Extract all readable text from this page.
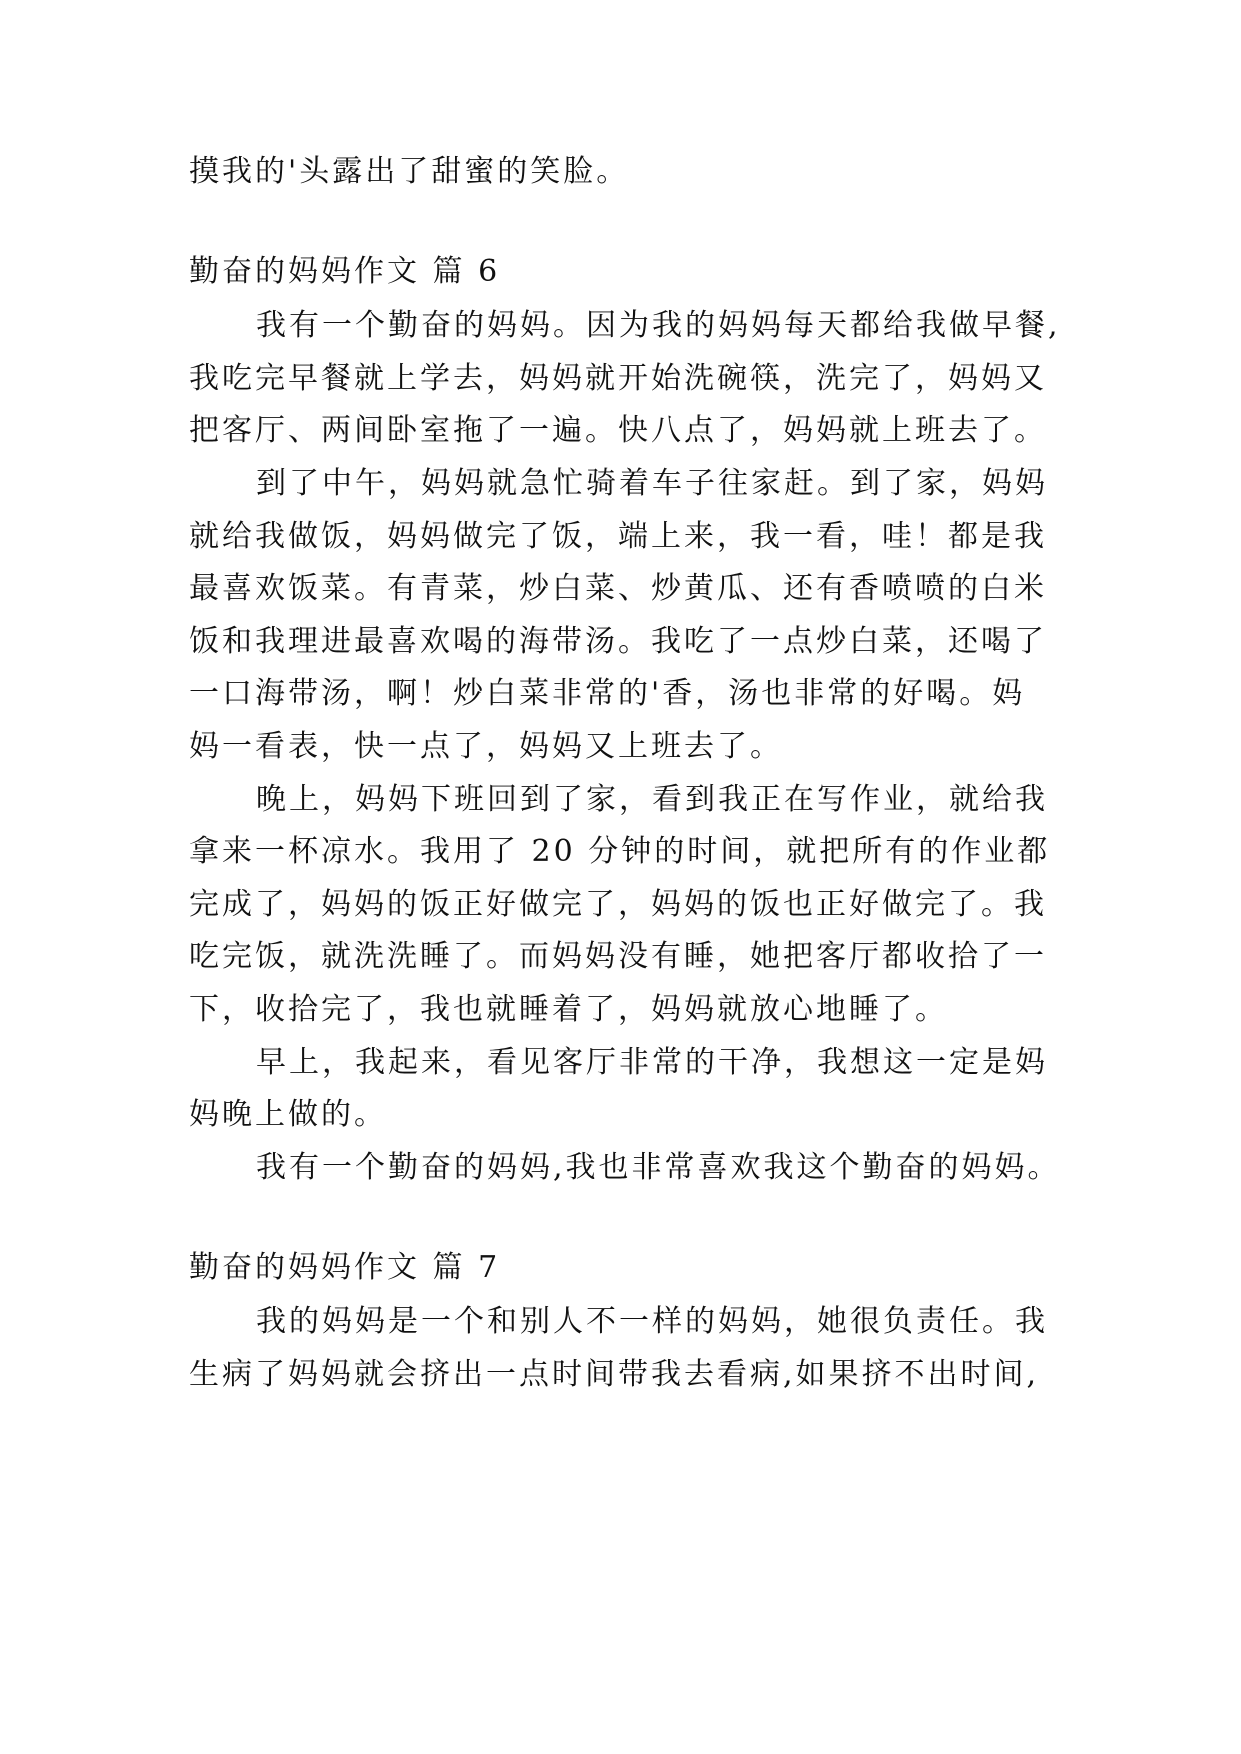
摸我的'头露出了甜蜜的笑脸。
勤奋的妈妈作文 篇 6
我有一个勤奋的妈妈。因为我的妈妈每天都给我做早餐,
我吃完早餐就上学去，妈妈就开始洗碗筷，洗完了，妈妈又
把客厅、两间卧室拖了一遍。快八点了，妈妈就上班去了。
到了中午，妈妈就急忙骑着车子往家赶。到了家，妈妈
就给我做饭，妈妈做完了饭，端上来，我一看，哇！都是我
最喜欢饭菜。有青菜，炒白菜、炒黄瓜、还有香喷喷的白米
饭和我理进最喜欢喝的海带汤。我吃了一点炒白菜，还喝了
一口海带汤，啊！炒白菜非常的'香，汤也非常的好喝。妈
妈一看表，快一点了，妈妈又上班去了。
晚上，妈妈下班回到了家，看到我正在写作业，就给我
拿来一杯凉水。我用了 20 分钟的时间，就把所有的作业都
完成了，妈妈的饭正好做完了，妈妈的饭也正好做完了。我
吃完饭，就洗洗睡了。而妈妈没有睡，她把客厅都收拾了一
下，收拾完了，我也就睡着了，妈妈就放心地睡了。
早上，我起来，看见客厅非常的干净，我想这一定是妈
妈晚上做的。
我有一个勤奋的妈妈,我也非常喜欢我这个勤奋的妈妈。
勤奋的妈妈作文 篇 7
我的妈妈是一个和别人不一样的妈妈，她很负责任。我
生病了妈妈就会挤出一点时间带我去看病,如果挤不出时间,
